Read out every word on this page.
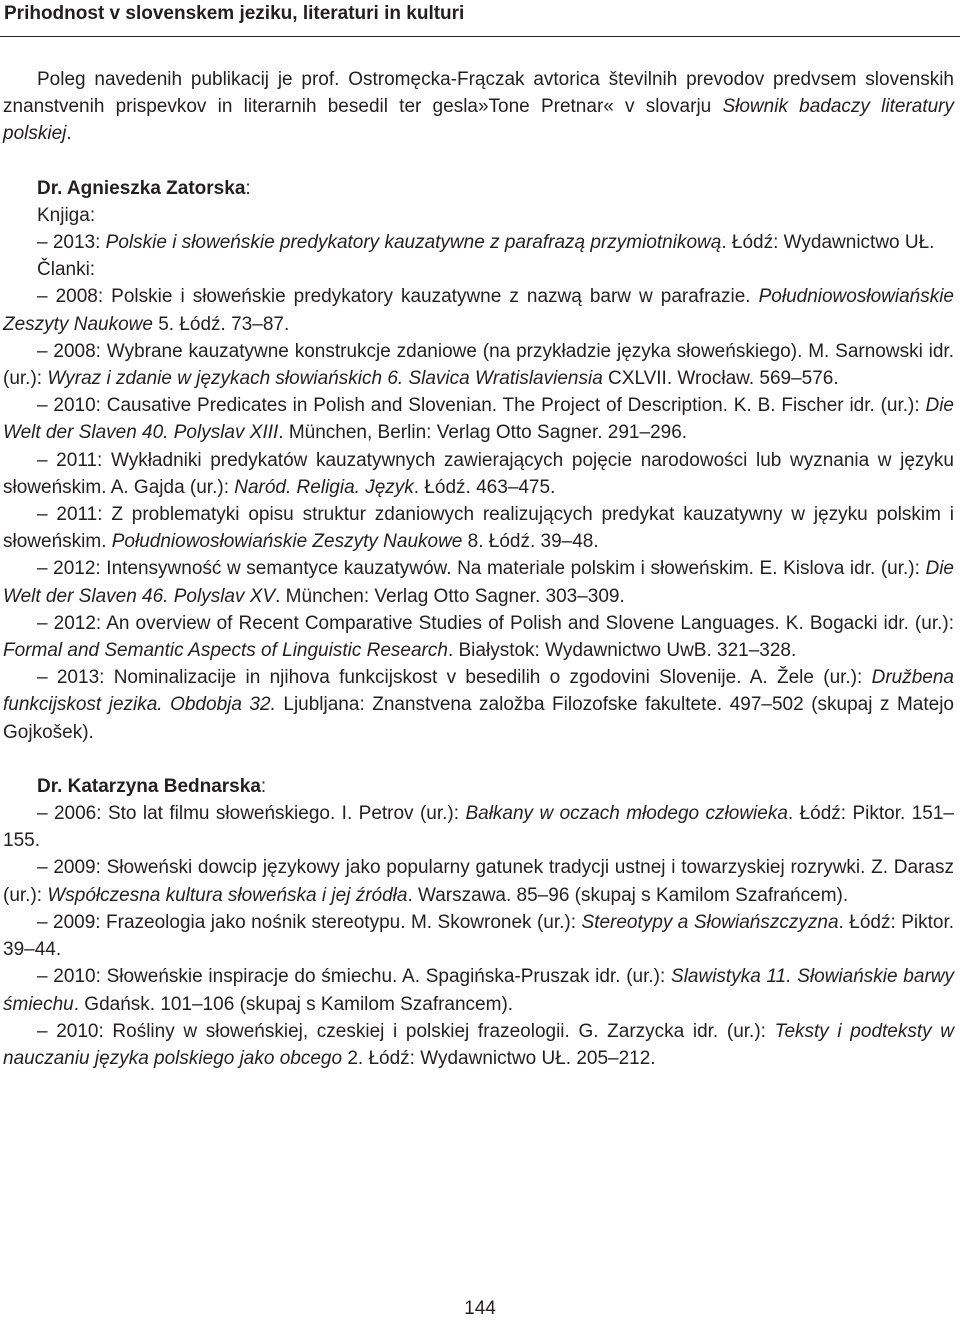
Prihodnost v slovenskem jeziku, literaturi in kulturi

Poleg navedenih publikacij je prof. Ostromęcka-Frączak avtorica številnih prevodov predvsem slovenskih znanstvenih prispevkov in literarnih besedil ter gesla»Tone Pretnar« v slovarju Słownik badaczy literatury polskiej.

Dr. Agnieszka Zatorska:

Knjiga:

– 2013: Polskie i słoweńskie predykatory kauzatywne z parafrazą przymiotnikową. Łódź: Wydawnictwo UŁ.

Članki:

– 2008: Polskie i słoweńskie predykatory kauzatywne z nazwą barw w parafrazie. Południowosłowiańskie Zeszyty Naukowe 5. Łódź. 73–87.

– 2008: Wybrane kauzatywne konstrukcje zdaniowe (na przykładzie języka słoweńskiego). M. Sarnowski idr. (ur.): Wyraz i zdanie w językach słowiańskich 6. Slavica Wratislaviensia CXLVII. Wrocław. 569–576.

– 2010: Causative Predicates in Polish and Slovenian. The Project of Description. K. B. Fischer idr. (ur.): Die Welt der Slaven 40. Polyslav XIII. München, Berlin: Verlag Otto Sagner. 291–296.

– 2011: Wykładniki predykatów kauzatywnych zawierających pojęcie narodowości lub wyznania w języku słoweńskim. A. Gajda (ur.): Naród. Religia. Język. Łódź. 463–475.

– 2011: Z problematyki opisu struktur zdaniowych realizujących predykat kauzatywny w języku polskim i słoweńskim. Południowosłowiańskie Zeszyty Naukowe 8. Łódź. 39–48.

– 2012: Intensywność w semantyce kauzatywów. Na materiale polskim i słoweńskim. E. Kislova idr. (ur.): Die Welt der Slaven 46. Polyslav XV. München: Verlag Otto Sagner. 303–309.

– 2012: An overview of Recent Comparative Studies of Polish and Slovene Languages. K. Bogacki idr. (ur.): Formal and Semantic Aspects of Linguistic Research. Białystok: Wydawnictwo UwB. 321–328.

– 2013: Nominalizacije in njihova funkcijskost v besedilih o zgodovini Slovenije. A. Žele (ur.): Družbena funkcijskost jezika. Obdobja 32. Ljubljana: Znanstvena založba Filozofske fakultete. 497–502 (skupaj z Matejo Gojkošek).

Dr. Katarzyna Bednarska:

– 2006: Sto lat filmu słoweńskiego. I. Petrov (ur.): Bałkany w oczach młodego człowieka. Łódź: Piktor. 151–155.

– 2009: Słoweński dowcip językowy jako popularny gatunek tradycji ustnej i towarzyskiej rozrywki. Z. Darasz (ur.): Współczesna kultura słoweńska i jej źródła. Warszawa. 85–96 (skupaj s Kamilom Szafrańcem).

– 2009: Frazeologia jako nośnik stereotypu. M. Skowronek (ur.): Stereotypy a Słowiańszczyzna. Łódź: Piktor. 39–44.

– 2010: Słoweńskie inspiracje do śmiechu. A. Spagińska-Pruszak idr. (ur.): Slawistyka 11. Słowiańskie barwy śmiechu. Gdańsk. 101–106 (skupaj s Kamilom Szafrancem).

– 2010: Rośliny w słoweńskiej, czeskiej i polskiej frazeologii. G. Zarzycka idr. (ur.): Teksty i podteksty w nauczaniu języka polskiego jako obcego 2. Łódź: Wydawnictwo UŁ. 205–212.

144
